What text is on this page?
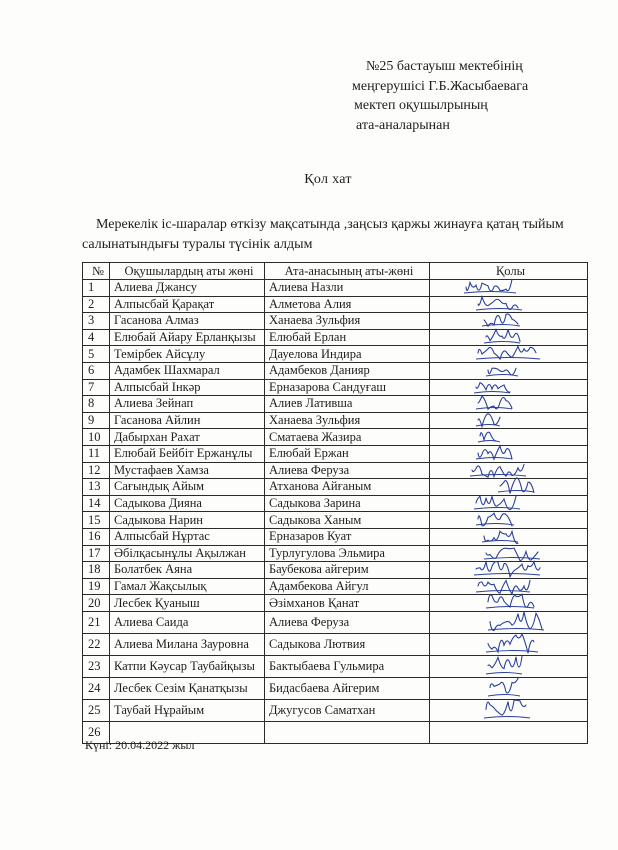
№25 бастауыш мектебінің
меңгерушісі Г.Б.Жасыбаевага
мектеп оқушылрының
ата-аналарынан
Қол хат
Мерекелік іс-шаралар өткізу мақсатында ,заңсыз қаржы жинауға қатаң тыйым салынатындығы туралы түсінік алдым
№	Оқушылардың аты жөні	Ата-анасының аты-жөні	Қолы
1	Алиева Джансу	Алиева Назли	

2	Алпысбай Қарақат	Алметова Алия	

3	Гасанова Алмаз	Ханаева Зульфия	

4	Елюбай Айару Ерланқызы	Елюбай Ерлан	

5	Темірбек Айсұлу	Дауелова Индира	

6	Адамбек Шахмарал	Адамбеков Данияр	

7	Алпысбай Інкәр	Ерназарова Сандуғаш	

8	Алиева Зейнап	Алиев Лативша	

9	Гасанова Айлин	Ханаева Зульфия	

10	Дабырхан Рахат	Сматаева Жазира	

11	Елюбай Бейбіт Ержанұлы	Елюбай Ержан	

12	Мустафаев Хамза	Алиева Феруза	

13	Сағындық Айым	Атханова Айғаным	

14	Садыкова Дияна	Садыкова Зарина	

15	Садыкова Нарин	Садыкова Ханым	

16	Алпысбай Нұртас	Ерназаров Куат	

17	Әбілқасынұлы Ақылжан	Турлугулова Эльмира	

18	Болатбек Аяна	Баубекова айгерим	

19	Гамал Жақсылық	Адамбекова Айгул	

20	Лесбек Қуаныш	Әзімханов Қанат	

21	Алиева Саида	Алиева Феруза	

22	Алиева Милана Зауровна	Садыкова Лютвия	

23	Катпи Кәусар Таубайқызы	Бактыбаева Гульмира	

24	Лесбек Сезім Қанатқызы	Бидасбаева Айгерим	

25	Таубай Нұрайым	Джугусов Саматхан	

26			
Күні: 20.04.2022 жыл
